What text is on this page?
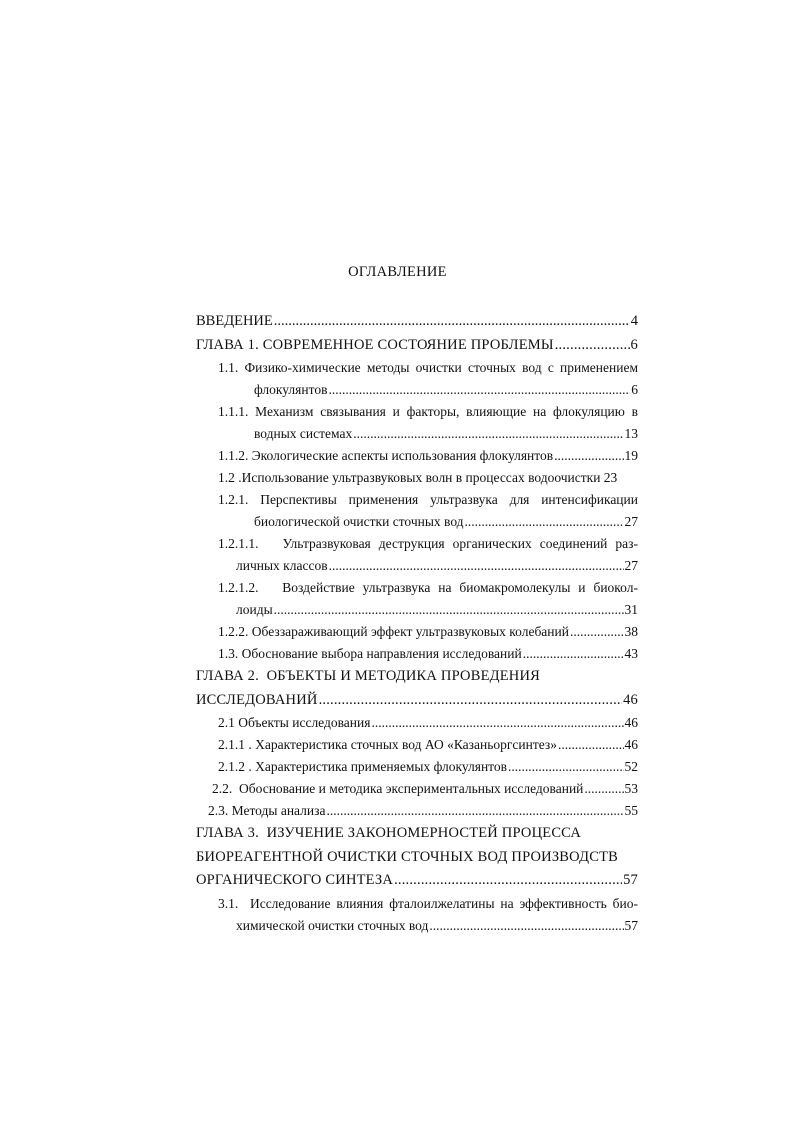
ОГЛАВЛЕНИЕ
ВВЕДЕНИЕ .....	4
ГЛАВА 1. СОВРЕМЕННОЕ СОСТОЯНИЕ ПРОБЛЕМЫ .....	6
1.1. Физико-химические методы очистки сточных вод с применением
флокулянтов .....	6
1.1.1. Механизм связывания и факторы, влияющие на флокуляцию в
водных системах .....	13
1.1.2. Экологические аспекты использования флокулянтов .....	19
1.2 .Использование ультразвуковых волн в процессах водоочистки 23
1.2.1. Перспективы применения ультразвука для интенсификации
биологической очистки сточных вод .....	27
1.2.1.1.   Ультразвуковая деструкция органических соединений раз-
личных классов .....	27
1.2.1.2.   Воздействие ультразвука на биомакромолекулы и биокол-
лоиды .....	31
1.2.2. Обеззараживающий эффект ультразвуковых колебаний .....	38
1.3. Обоснование выбора направления исследований .....	43
ГЛАВА 2.  ОБЪЕКТЫ И МЕТОДИКА ПРОВЕДЕНИЯ
ИССЛЕДОВАНИЙ .....	46
2.1 Объекты исследования .....	46
2.1.1 . Характеристика сточных вод АО «Казаньоргсинтез» .....	46
2.1.2 . Характеристика применяемых флокулянтов .....	52
2.2.  Обоснование и методика экспериментальных исследований .....	53
2.3. Методы анализа .....	55
ГЛАВА 3.  ИЗУЧЕНИЕ ЗАКОНОМЕРНОСТЕЙ ПРОЦЕССА
БИОРЕАГЕНТНОЙ ОЧИСТКИ СТОЧНЫХ ВОД ПРОИЗВОДСТВ
ОРГАНИЧЕСКОГО СИНТЕЗА .....	57
3.1.  Исследование влияния фталоилжелатины на эффективность био-
химической очистки сточных вод .....	57
